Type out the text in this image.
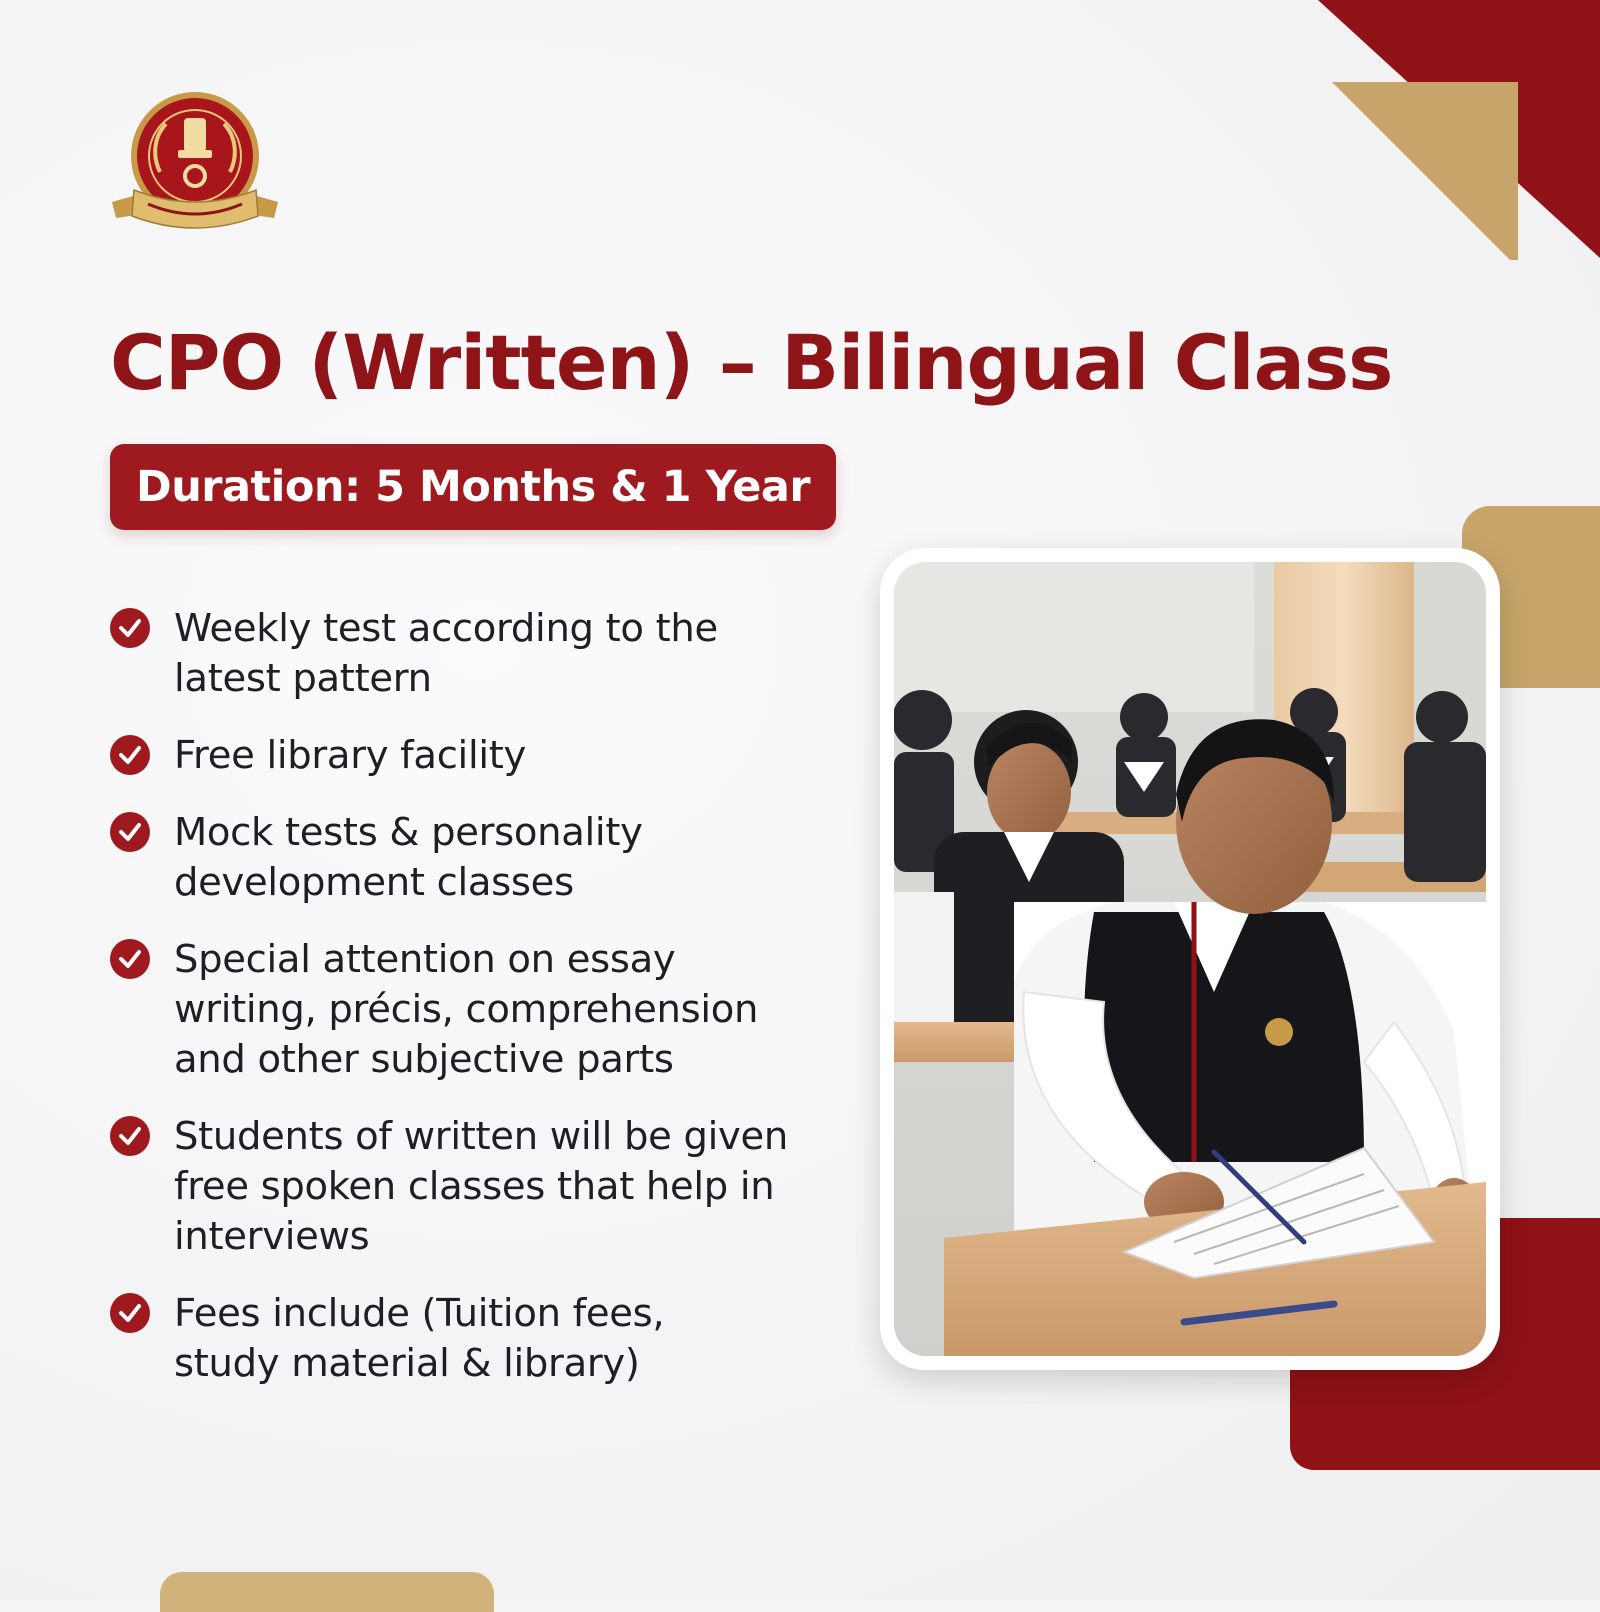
CPO (Written) – Bilingual Class
Duration: 5 Months & 1 Year
Weekly test according to the latest pattern
Free library facility
Mock tests & personality development classes
Special attention on essay writing, précis, comprehension and other subjective parts
Students of written will be given free spoken classes that help in interviews
Fees include (Tuition fees, study material & library)
